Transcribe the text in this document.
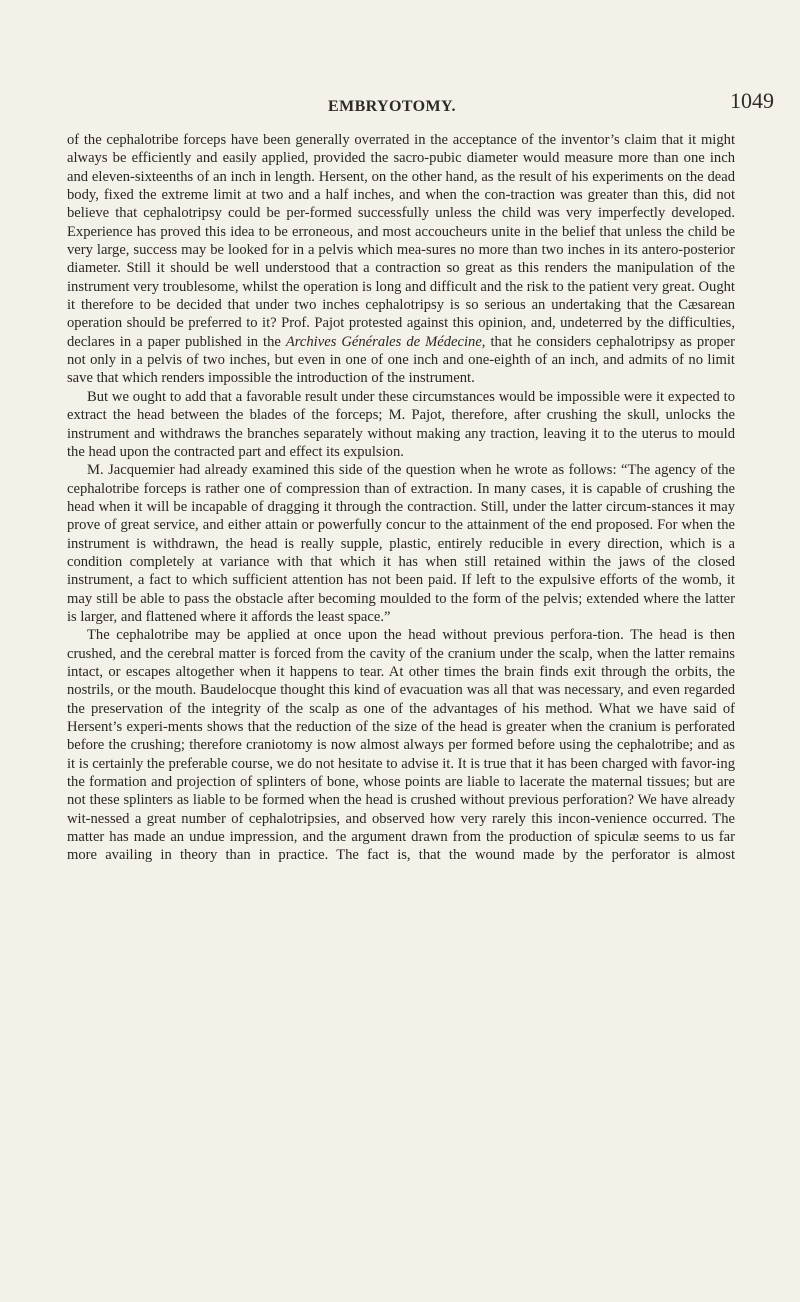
EMBRYOTOMY.	1049

of the cephalotribe forceps have been generally overrated in the acceptance of the inventor’s claim that it might always be efficiently and easily applied, provided the sacro-pubic diameter would measure more than one inch and eleven-sixteenths of an inch in length. Hersent, on the other hand, as the result of his experiments on the dead body, fixed the extreme limit at two and a half inches, and when the con-traction was greater than this, did not believe that cephalotripsy could be per-formed successfully unless the child was very imperfectly developed. Experience has proved this idea to be erroneous, and most accoucheurs unite in the belief that unless the child be very large, success may be looked for in a pelvis which mea-sures no more than two inches in its antero-posterior diameter. Still it should be well understood that a contraction so great as this renders the manipulation of the instrument very troublesome, whilst the operation is long and difficult and the risk to the patient very great. Ought it therefore to be decided that under two inches cephalotripsy is so serious an undertaking that the Cæsarean operation should be preferred to it? Prof. Pajot protested against this opinion, and, undeterred by the difficulties, declares in a paper published in the Archives Générales de Médecine, that he considers cephalotripsy as proper not only in a pelvis of two inches, but even in one of one inch and one-eighth of an inch, and admits of no limit save that which renders impossible the introduction of the instrument.

But we ought to add that a favorable result under these circumstances would be impossible were it expected to extract the head between the blades of the forceps; M. Pajot, therefore, after crushing the skull, unlocks the instrument and withdraws the branches separately without making any traction, leaving it to the uterus to mould the head upon the contracted part and effect its expulsion.

M. Jacquemier had already examined this side of the question when he wrote as follows: “The agency of the cephalotribe forceps is rather one of compression than of extraction. In many cases, it is capable of crushing the head when it will be incapable of dragging it through the contraction. Still, under the latter circum-stances it may prove of great service, and either attain or powerfully concur to the attainment of the end proposed. For when the instrument is withdrawn, the head is really supple, plastic, entirely reducible in every direction, which is a condition completely at variance with that which it has when still retained within the jaws of the closed instrument, a fact to which sufficient attention has not been paid. If left to the expulsive efforts of the womb, it may still be able to pass the obstacle after becoming moulded to the form of the pelvis; extended where the latter is larger, and flattened where it affords the least space.”

The cephalotribe may be applied at once upon the head without previous perfora-tion. The head is then crushed, and the cerebral matter is forced from the cavity of the cranium under the scalp, when the latter remains intact, or escapes altogether when it happens to tear. At other times the brain finds exit through the orbits, the nostrils, or the mouth. Baudelocque thought this kind of evacuation was all that was necessary, and even regarded the preservation of the integrity of the scalp as one of the advantages of his method. What we have said of Hersent’s experi-ments shows that the reduction of the size of the head is greater when the cranium is perforated before the crushing; therefore craniotomy is now almost always per formed before using the cephalotribe; and as it is certainly the preferable course, we do not hesitate to advise it. It is true that it has been charged with favor-ing the formation and projection of splinters of bone, whose points are liable to lacerate the maternal tissues; but are not these splinters as liable to be formed when the head is crushed without previous perforation? We have already wit-nessed a great number of cephalotripsies, and observed how very rarely this incon-venience occurred. The matter has made an undue impression, and the argument drawn from the production of spiculæ seems to us far more availing in theory than in practice. The fact is, that the wound made by the perforator is almost
